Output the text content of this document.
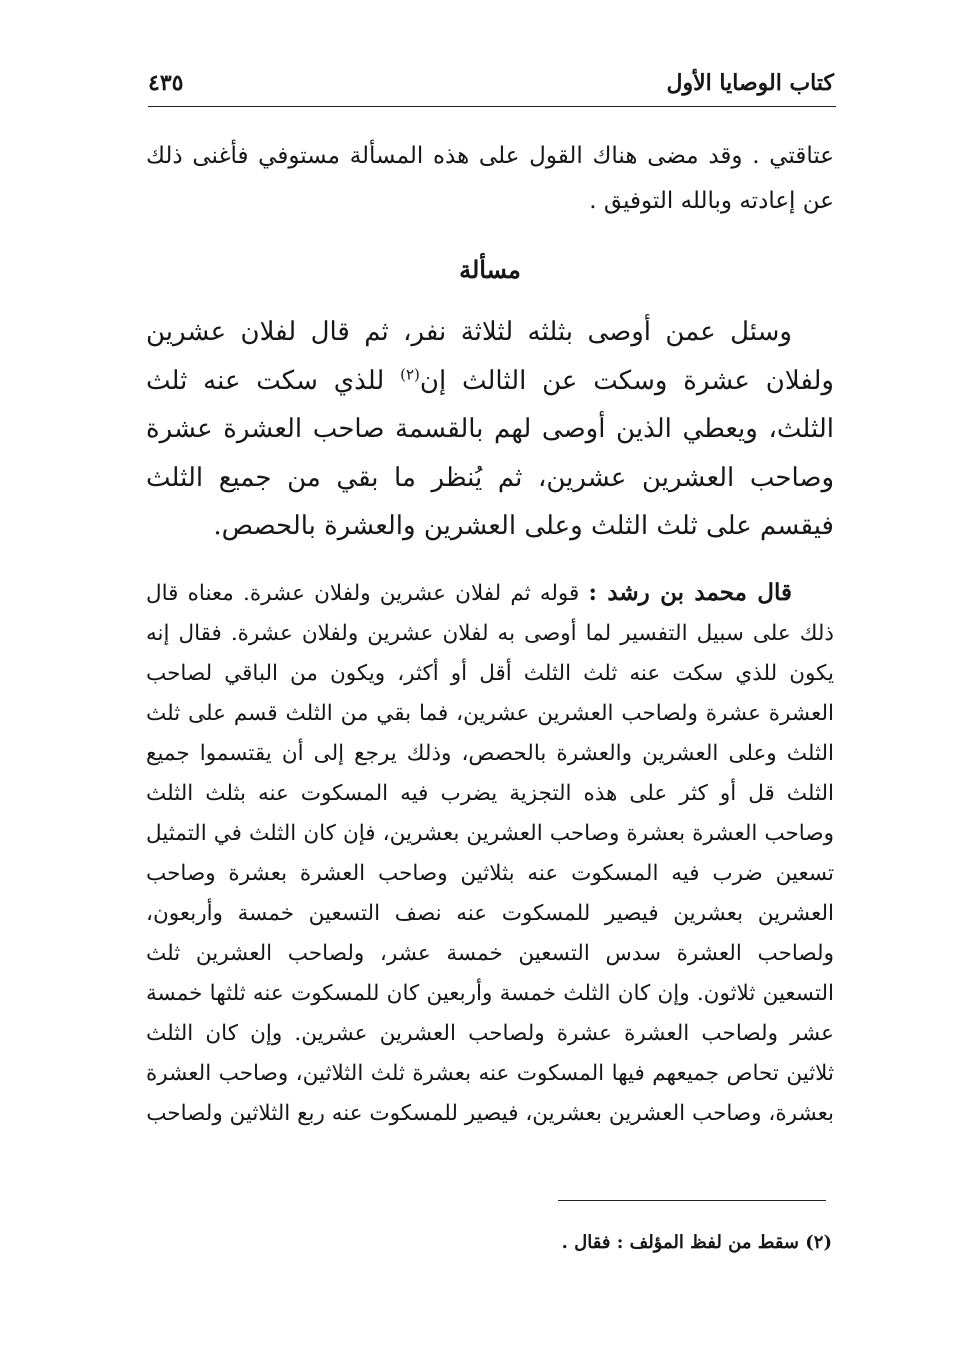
كتاب الوصايا الأول
٤٣٥

عتاقتي . وقد مضى هناك القول على هذه المسألة مستوفي فأغنى ذلك عن إعادته وبالله التوفيق .

مسألة

وسئل عمن أوصى بثلثه لثلاثة نفر، ثم قال لفلان عشرين ولفلان عشرة وسكت عن الثالث إن$^{(٢)}$ للذي سكت عنه ثلث الثلث، ويعطي الذين أوصى لهم بالقسمة صاحب العشرة عشرة وصاحب العشرين عشرين، ثم يُنظر ما بقي من جميع الثلث فيقسم على ثلث الثلث وعلى العشرين والعشرة بالحصص.

قال محمد بن رشد : قوله ثم لفلان عشرين ولفلان عشرة. معناه قال ذلك على سبيل التفسير لما أوصى به لفلان عشرين ولفلان عشرة. فقال إنه يكون للذي سكت عنه ثلث الثلث أقل أو أكثر، ويكون من الباقي لصاحب العشرة عشرة ولصاحب العشرين عشرين، فما بقي من الثلث قسم على ثلث الثلث وعلى العشرين والعشرة بالحصص، وذلك يرجع إلى أن يقتسموا جميع الثلث قل أو كثر على هذه التجزية يضرب فيه المسكوت عنه بثلث الثلث وصاحب العشرة بعشرة وصاحب العشرين بعشرين، فإن كان الثلث في التمثيل تسعين ضرب فيه المسكوت عنه بثلاثين وصاحب العشرة بعشرة وصاحب العشرين بعشرين فيصير للمسكوت عنه نصف التسعين خمسة وأربعون، ولصاحب العشرة سدس التسعين خمسة عشر، ولصاحب العشرين ثلث التسعين ثلاثون. وإن كان الثلث خمسة وأربعين كان للمسكوت عنه ثلثها خمسة عشر ولصاحب العشرة عشرة ولصاحب العشرين عشرين. وإن كان الثلث ثلاثين تحاص جميعهم فيها المسكوت عنه بعشرة ثلث الثلاثين، وصاحب العشرة بعشرة، وصاحب العشرين بعشرين، فيصير للمسكوت عنه ربع الثلاثين ولصاحب

(٢) سقط من لفظ المؤلف : فقال .
